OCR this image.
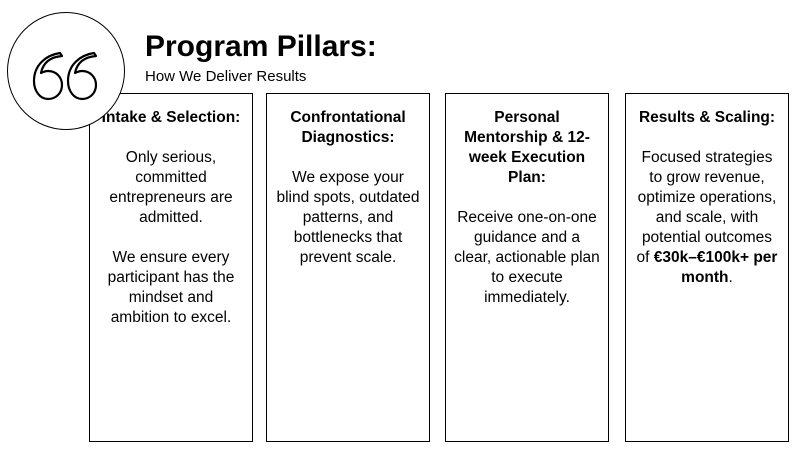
Program Pillars:
How We Deliver Results
Intake & Selection:

Only serious, committed entrepreneurs are admitted.

We ensure every participant has the mindset and ambition to excel.

Confrontational Diagnostics:

We expose your blind spots, outdated patterns, and bottlenecks that prevent scale.

Personal Mentorship & 12-week Execution Plan:

Receive one-on-one guidance and a clear, actionable plan to execute immediately.

Results & Scaling:

Focused strategies to grow revenue, optimize operations, and scale, with potential outcomes of €30k–€100k+ per month.
